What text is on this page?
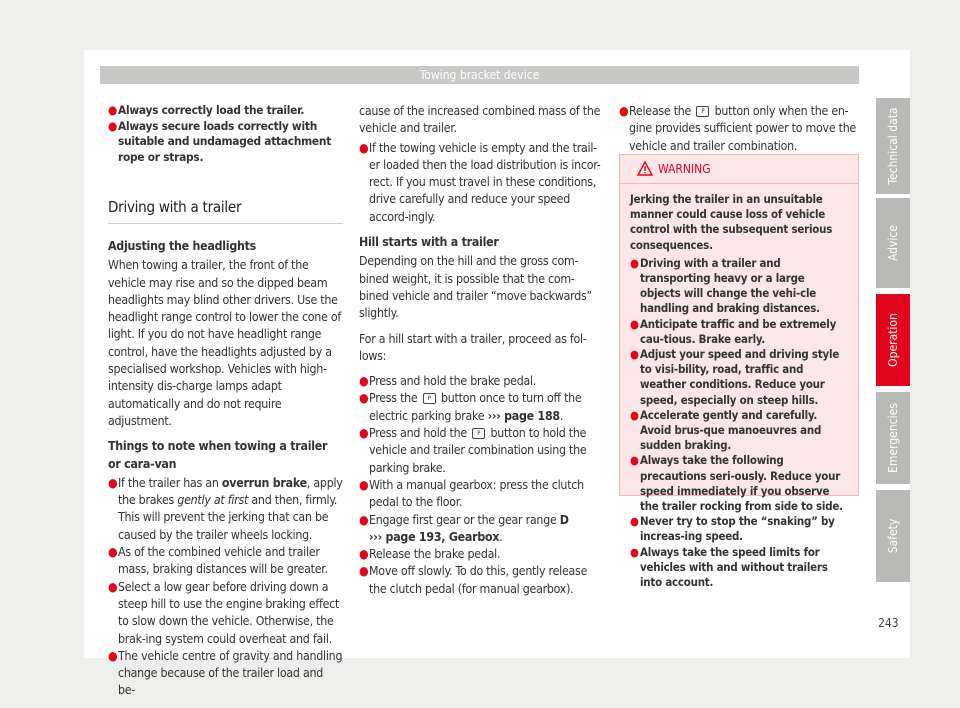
Towing bracket device
● Always correctly load the trailer.
● Always secure loads correctly with suitable and undamaged attachment rope or straps.
Driving with a trailer

Adjusting the headlights

When towing a trailer, the front of the vehicle may rise and so the dipped beam headlights may blind other drivers. Use the headlight range control to lower the cone of light. If you do not have headlight range control, have the headlights adjusted by a specialised workshop. Vehicles with high-intensity dis-charge lamps adapt automatically and do not require adjustment.

Things to note when towing a trailer or cara-van

● If the trailer has an overrun brake, apply the brakes gently at first and then, firmly. This will prevent the jerking that can be caused by the trailer wheels locking.
● As of the combined vehicle and trailer mass, braking distances will be greater.
● Select a low gear before driving down a steep hill to use the engine braking effect to slow down the vehicle. Otherwise, the brak-ing system could overheat and fail.
● The vehicle centre of gravity and handling change because of the trailer load and be-

cause of the increased combined mass of the vehicle and trailer.

● If the towing vehicle is empty and the trail-er loaded then the load distribution is incor-rect. If you must travel in these conditions, drive carefully and reduce your speed accord-ingly.

Hill starts with a trailer

Depending on the hill and the gross com-bined weight, it is possible that the com-bined vehicle and trailer “move backwards” slightly.

For a hill start with a trailer, proceed as fol-lows:

● Press and hold the brake pedal.
● Press the P button once to turn off the electric parking brake ››› page 188.
● Press and hold the P button to hold the vehicle and trailer combination using the parking brake.
● With a manual gearbox: press the clutch pedal to the floor.
● Engage first gear or the gear range D
››› page 193, Gearbox.
● Release the brake pedal.
● Move off slowly. To do this, gently release the clutch pedal (for manual gearbox).
● Release the P button only when the en-gine provides sufficient power to move the vehicle and trailer combination.
WARNING

Jerking the trailer in an unsuitable manner could cause loss of vehicle control with the subsequent serious consequences.

● Driving with a trailer and transporting heavy or a large objects will change the vehi-cle handling and braking distances.
● Anticipate traffic and be extremely cau-tious. Brake early.
● Adjust your speed and driving style to visi-bility, road, traffic and weather conditions. Reduce your speed, especially on steep hills.
● Accelerate gently and carefully. Avoid brus-que manoeuvres and sudden braking.
● Always take the following precautions seri-ously. Reduce your speed immediately if you observe the trailer rocking from side to side.
● Never try to stop the “snaking” by increas-ing speed.
● Always take the speed limits for vehicles with and without trailers into account.
Technical data
Advice
Operation
Emergencies
Safety
243
